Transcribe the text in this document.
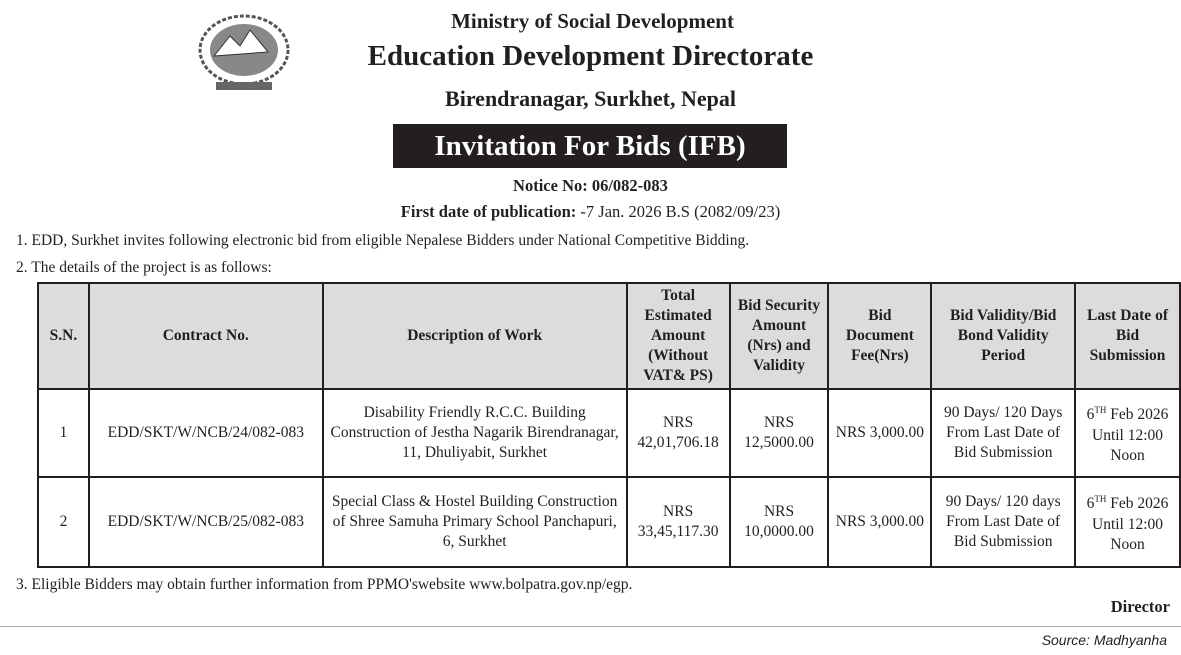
Ministry of Social Development
Education Development Directorate
Birendranagar, Surkhet, Nepal
Invitation For Bids (IFB)
Notice No: 06/082-083
First date of publication: -7 Jan. 2026 B.S (2082/09/23)
1. EDD, Surkhet invites following electronic bid from eligible Nepalese Bidders under National Competitive Bidding.
2. The details of the project is as follows:
S.N.	Contract No.	Description of Work	Total Estimated Amount (Without VAT& PS)	Bid Security Amount (Nrs) and Validity	Bid Document Fee(Nrs)	Bid Validity/Bid Bond Validity Period	Last Date of Bid Submission
1	EDD/SKT/W/NCB/24/082-083	Disability Friendly R.C.C. Building Construction of Jestha Nagarik Birendranagar, 11, Dhuliyabit, Surkhet	NRS 42,01,706.18	NRS 12,5000.00	NRS 3,000.00	90 Days/ 120 Days From Last Date of Bid Submission	6TH Feb 2026 Until 12:00 Noon
2	EDD/SKT/W/NCB/25/082-083	Special Class & Hostel Building Construction of Shree Samuha Primary School Panchapuri, 6, Surkhet	NRS 33,45,117.30	NRS 10,0000.00	NRS 3,000.00	90 Days/ 120 days From Last Date of Bid Submission	6TH Feb 2026 Until 12:00 Noon
3. Eligible Bidders may obtain further information from PPMO'swebsite www.bolpatra.gov.np/egp.
Director
Source: Madhyanha
